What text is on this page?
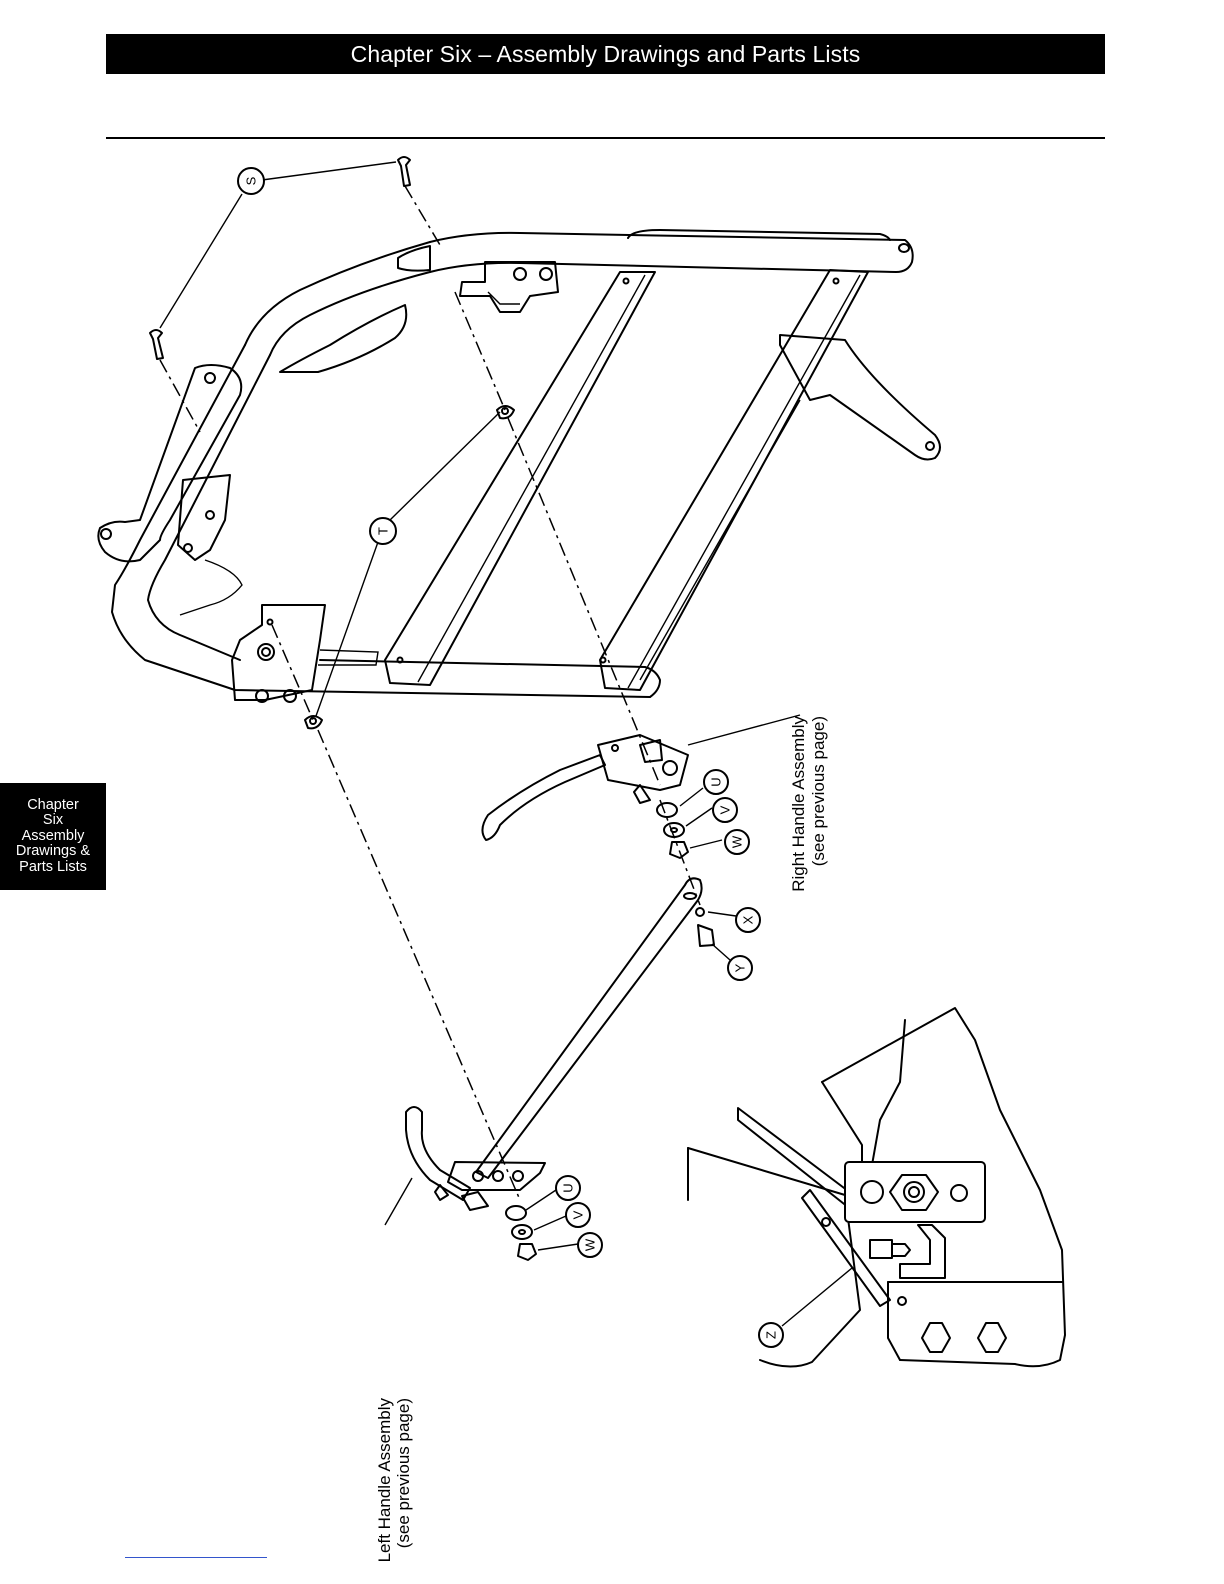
Chapter Six – Assembly Drawings and Parts Lists
Chapter
Six
Assembly
Drawings &
Parts Lists
S
T
U
V
W
X
Y
U
V
W
Z
Right Handle Assembly (see previous page)
Left Handle Assembly (see previous page)
